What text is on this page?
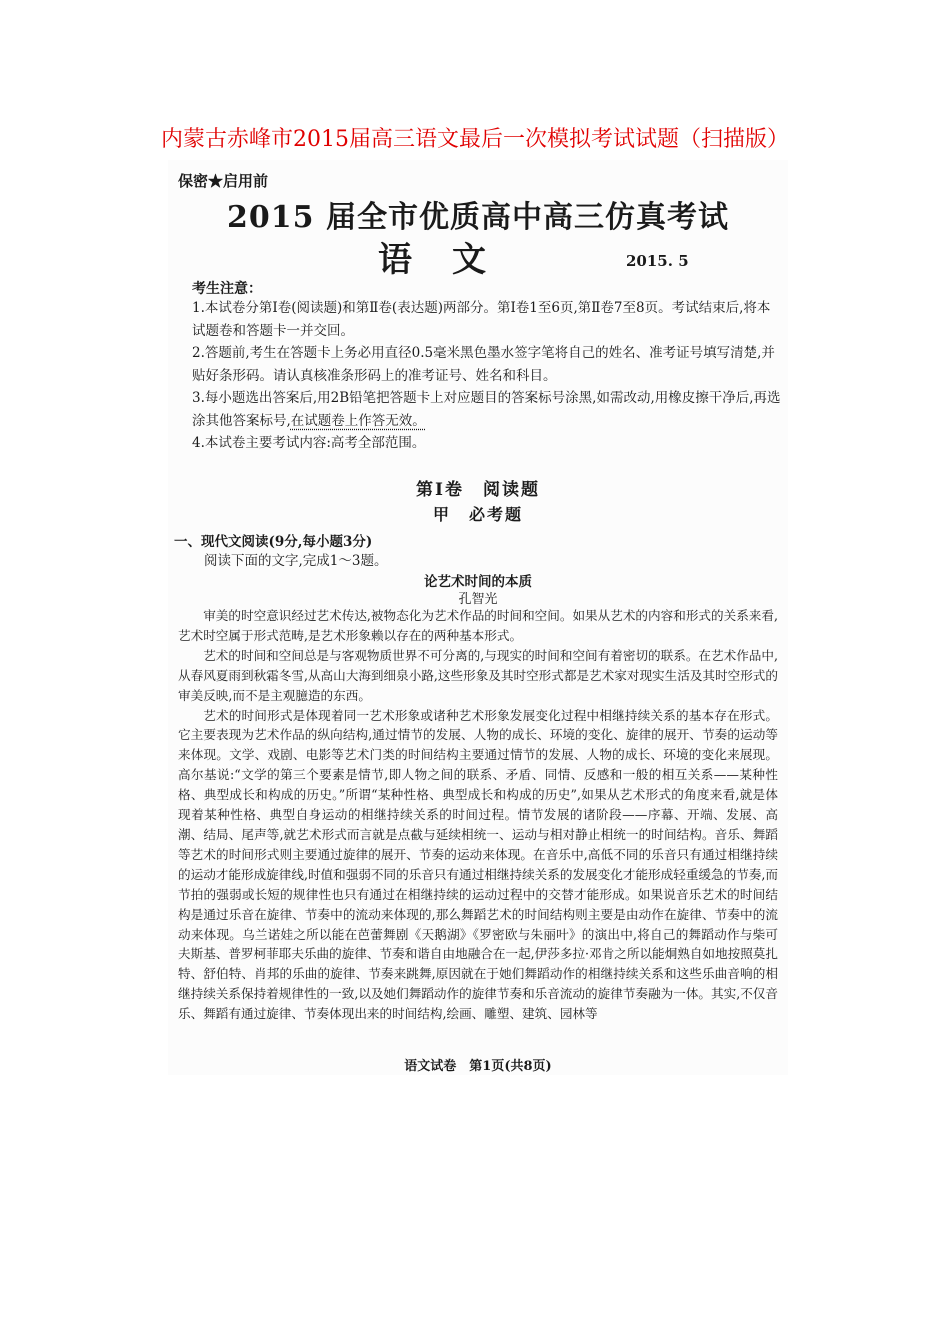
内蒙古赤峰市2015届高三语文最后一次模拟考试试题（扫描版）
保密★启用前
2015 届全市优质高中高三仿真考试
语文	2015. 5
考生注意：

1.本试卷分第Ⅰ卷(阅读题)和第Ⅱ卷(表达题)两部分。第Ⅰ卷1至6页,第Ⅱ卷7至8页。考试结束后,将本试题卷和答题卡一并交回。

2.答题前,考生在答题卡上务必用直径0.5毫米黑色墨水签字笔将自己的姓名、准考证号填写清楚,并贴好条形码。请认真核准条形码上的准考证号、姓名和科目。

3.每小题选出答案后,用2B铅笔把答题卡上对应题目的答案标号涂黑,如需改动,用橡皮擦干净后,再选涂其他答案标号,在试题卷上作答无效。

4.本试卷主要考试内容:高考全部范围。

第Ⅰ卷　阅读题
甲　必考题
一、现代文阅读(9分,每小题3分)
阅读下面的文字,完成1～3题。
论艺术时间的本质
孔智光

审美的时空意识经过艺术传达,被物态化为艺术作品的时间和空间。如果从艺术的内容和形式的关系来看,艺术时空属于形式范畴,是艺术形象赖以存在的两种基本形式。

艺术的时间和空间总是与客观物质世界不可分离的,与现实的时间和空间有着密切的联系。在艺术作品中,从春风夏雨到秋霜冬雪,从高山大海到细泉小路,这些形象及其时空形式都是艺术家对现实生活及其时空形式的审美反映,而不是主观臆造的东西。

艺术的时间形式是体现着同一艺术形象或诸种艺术形象发展变化过程中相继持续关系的基本存在形式。它主要表现为艺术作品的纵向结构,通过情节的发展、人物的成长、环境的变化、旋律的展开、节奏的运动等来体现。文学、戏剧、电影等艺术门类的时间结构主要通过情节的发展、人物的成长、环境的变化来展现。高尔基说:“文学的第三个要素是情节,即人物之间的联系、矛盾、同情、反感和一般的相互关系——某种性格、典型成长和构成的历史。”所谓“某种性格、典型成长和构成的历史”,如果从艺术形式的角度来看,就是体现着某种性格、典型自身运动的相继持续关系的时间过程。情节发展的诸阶段——序幕、开端、发展、高潮、结局、尾声等,就艺术形式而言就是点截与延续相统一、运动与相对静止相统一的时间结构。音乐、舞蹈等艺术的时间形式则主要通过旋律的展开、节奏的运动来体现。在音乐中,高低不同的乐音只有通过相继持续的运动才能形成旋律线,时值和强弱不同的乐音只有通过相继持续关系的发展变化才能形成轻重缓急的节奏,而节拍的强弱或长短的规律性也只有通过在相继持续的运动过程中的交替才能形成。如果说音乐艺术的时间结构是通过乐音在旋律、节奏中的流动来体现的,那么舞蹈艺术的时间结构则主要是由动作在旋律、节奏中的流动来体现。乌兰诺娃之所以能在芭蕾舞剧《天鹅湖》《罗密欧与朱丽叶》的演出中,将自己的舞蹈动作与柴可夫斯基、普罗柯菲耶夫乐曲的旋律、节奏和谐自由地融合在一起,伊莎多拉·邓肯之所以能炯熟自如地按照莫扎特、舒伯特、肖邦的乐曲的旋律、节奏来跳舞,原因就在于她们舞蹈动作的相继持续关系和这些乐曲音响的相继持续关系保持着规律性的一致,以及她们舞蹈动作的旋律节奏和乐音流动的旋律节奏融为一体。其实,不仅音乐、舞蹈有通过旋律、节奏体现出来的时间结构,绘画、雕塑、建筑、园林等

语文试卷　第1页(共8页)
